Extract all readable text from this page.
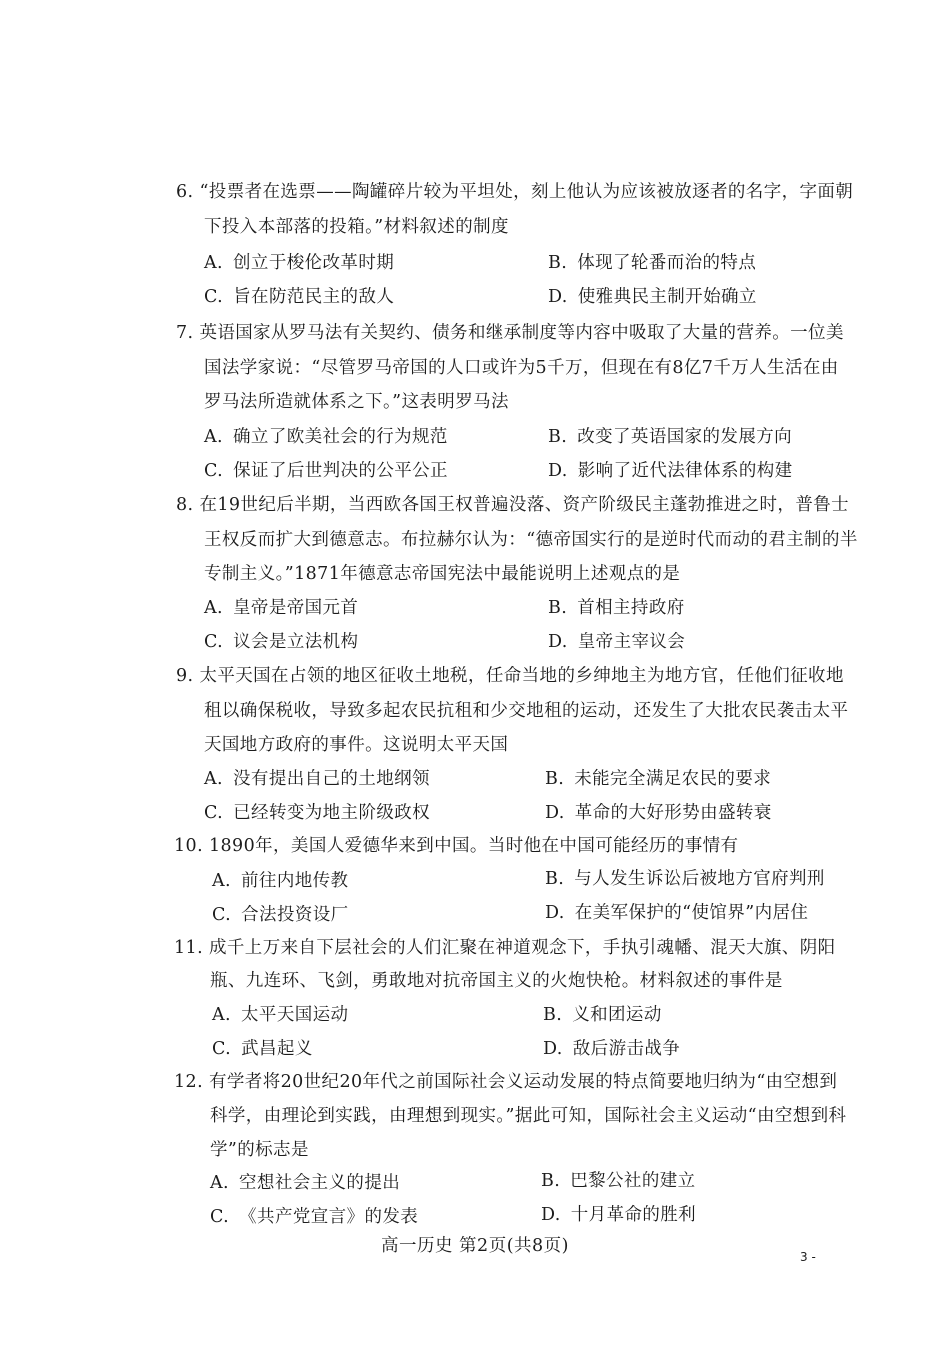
6. “投票者在选票——陶罐碎片较为平坦处，刻上他认为应该被放逐者的名字，字面朝
下投入本部落的投箱。”材料叙述的制度
A. 创立于梭伦改革时期	B. 体现了轮番而治的特点
C. 旨在防范民主的敌人	D. 使雅典民主制开始确立
7. 英语国家从罗马法有关契约、债务和继承制度等内容中吸取了大量的营养。一位美
国法学家说：“尽管罗马帝国的人口或许为5千万，但现在有8亿7千万人生活在由
罗马法所造就体系之下。”这表明罗马法
A. 确立了欧美社会的行为规范	B. 改变了英语国家的发展方向
C. 保证了后世判决的公平公正	D. 影响了近代法律体系的构建
8. 在19世纪后半期，当西欧各国王权普遍没落、资产阶级民主蓬勃推进之时，普鲁士
王权反而扩大到德意志。布拉赫尔认为：“德帝国实行的是逆时代而动的君主制的半
专制主义。”1871年德意志帝国宪法中最能说明上述观点的是
A. 皇帝是帝国元首	B. 首相主持政府
C. 议会是立法机构	D. 皇帝主宰议会
9. 太平天国在占领的地区征收土地税，任命当地的乡绅地主为地方官，任他们征收地
租以确保税收，导致多起农民抗租和少交地租的运动，还发生了大批农民袭击太平
天国地方政府的事件。这说明太平天国
A. 没有提出自己的土地纲领	B. 未能完全满足农民的要求
C. 已经转变为地主阶级政权	D. 革命的大好形势由盛转衰
10. 1890年，美国人爱德华来到中国。当时他在中国可能经历的事情有
A. 前往内地传教	B. 与人发生诉讼后被地方官府判刑
C. 合法投资设厂	D. 在美军保护的“使馆界”内居住
11. 成千上万来自下层社会的人们汇聚在神道观念下，手执引魂幡、混天大旗、阴阳
瓶、九连环、飞剑，勇敢地对抗帝国主义的火炮快枪。材料叙述的事件是
A. 太平天国运动	B. 义和团运动
C. 武昌起义	D. 敌后游击战争
12. 有学者将20世纪20年代之前国际社会义运动发展的特点简要地归纳为“由空想到
科学，由理论到实践，由理想到现实。”据此可知，国际社会主义运动“由空想到科
学”的标志是
A. 空想社会主义的提出	B. 巴黎公社的建立
C. 《共产党宣言》的发表	D. 十月革命的胜利
高一历史 第2页(共8页)
3 -
